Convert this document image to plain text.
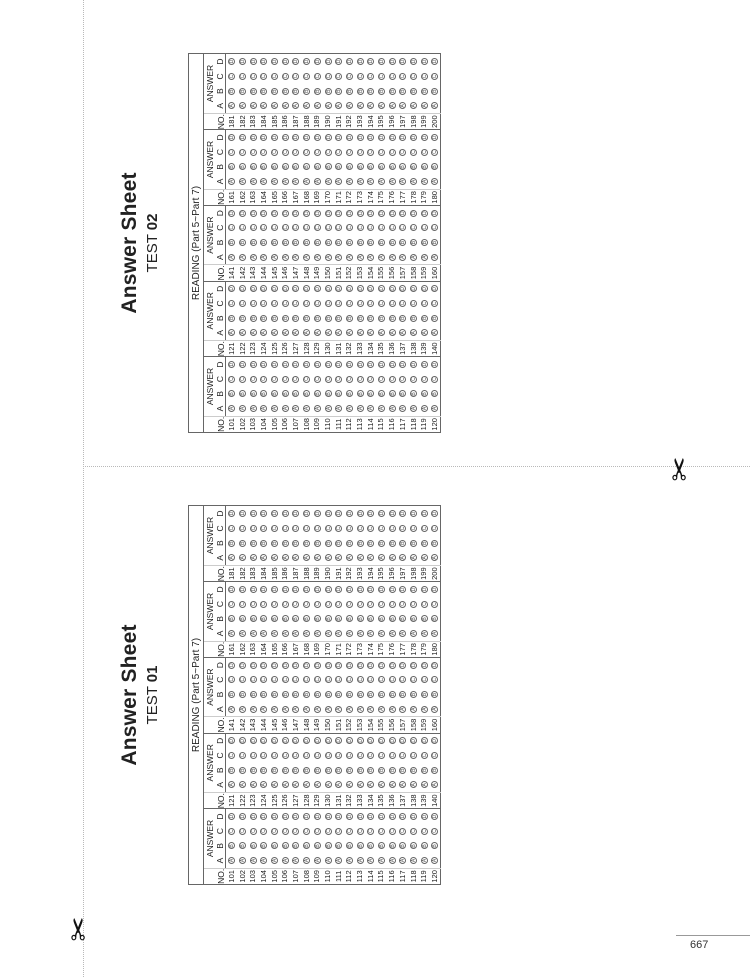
✂
✂
667
Answer Sheet TEST 01	READING (Part 5~Part 7)																								
NO.	ANSWER				NO.	ANSWER				NO.	ANSWER				NO.	ANSWER				NO.	ANSWER			
	A	B	C	D		A	B	C	D		A	B	C	D		A	B	C	D		A	B	C	D
101	A	B	C	D	121	A	B	C	D	141	A	B	C	D	161	A	B	C	D	181	A	B	C	D
102	A	B	C	D	122	A	B	C	D	142	A	B	C	D	162	A	B	C	D	182	A	B	C	D
103	A	B	C	D	123	A	B	C	D	143	A	B	C	D	163	A	B	C	D	183	A	B	C	D
104	A	B	C	D	124	A	B	C	D	144	A	B	C	D	164	A	B	C	D	184	A	B	C	D
105	A	B	C	D	125	A	B	C	D	145	A	B	C	D	165	A	B	C	D	185	A	B	C	D
106	A	B	C	D	126	A	B	C	D	146	A	B	C	D	166	A	B	C	D	186	A	B	C	D
107	A	B	C	D	127	A	B	C	D	147	A	B	C	D	167	A	B	C	D	187	A	B	C	D
108	A	B	C	D	128	A	B	C	D	148	A	B	C	D	168	A	B	C	D	188	A	B	C	D
109	A	B	C	D	129	A	B	C	D	149	A	B	C	D	169	A	B	C	D	189	A	B	C	D
110	A	B	C	D	130	A	B	C	D	150	A	B	C	D	170	A	B	C	D	190	A	B	C	D
111	A	B	C	D	131	A	B	C	D	151	A	B	C	D	171	A	B	C	D	191	A	B	C	D
112	A	B	C	D	132	A	B	C	D	152	A	B	C	D	172	A	B	C	D	192	A	B	C	D
113	A	B	C	D	133	A	B	C	D	153	A	B	C	D	173	A	B	C	D	193	A	B	C	D
114	A	B	C	D	134	A	B	C	D	154	A	B	C	D	174	A	B	C	D	194	A	B	C	D
115	A	B	C	D	135	A	B	C	D	155	A	B	C	D	175	A	B	C	D	195	A	B	C	D
116	A	B	C	D	136	A	B	C	D	156	A	B	C	D	176	A	B	C	D	196	A	B	C	D
117	A	B	C	D	137	A	B	C	D	157	A	B	C	D	177	A	B	C	D	197	A	B	C	D
118	A	B	C	D	138	A	B	C	D	158	A	B	C	D	178	A	B	C	D	198	A	B	C	D
119	A	B	C	D	139	A	B	C	D	159	A	B	C	D	179	A	B	C	D	199	A	B	C	D
120	A	B	C	D	140	A	B	C	D	160	A	B	C	D	180	A	B	C	D	200	A	B	C	D
Answer Sheet TEST 02	READING (Part 5~Part 7)																								
NO.	ANSWER				NO.	ANSWER				NO.	ANSWER				NO.	ANSWER				NO.	ANSWER			
	A	B	C	D		A	B	C	D		A	B	C	D		A	B	C	D		A	B	C	D
101	A	B	C	D	121	A	B	C	D	141	A	B	C	D	161	A	B	C	D	181	A	B	C	D
102	A	B	C	D	122	A	B	C	D	142	A	B	C	D	162	A	B	C	D	182	A	B	C	D
103	A	B	C	D	123	A	B	C	D	143	A	B	C	D	163	A	B	C	D	183	A	B	C	D
104	A	B	C	D	124	A	B	C	D	144	A	B	C	D	164	A	B	C	D	184	A	B	C	D
105	A	B	C	D	125	A	B	C	D	145	A	B	C	D	165	A	B	C	D	185	A	B	C	D
106	A	B	C	D	126	A	B	C	D	146	A	B	C	D	166	A	B	C	D	186	A	B	C	D
107	A	B	C	D	127	A	B	C	D	147	A	B	C	D	167	A	B	C	D	187	A	B	C	D
108	A	B	C	D	128	A	B	C	D	148	A	B	C	D	168	A	B	C	D	188	A	B	C	D
109	A	B	C	D	129	A	B	C	D	149	A	B	C	D	169	A	B	C	D	189	A	B	C	D
110	A	B	C	D	130	A	B	C	D	150	A	B	C	D	170	A	B	C	D	190	A	B	C	D
111	A	B	C	D	131	A	B	C	D	151	A	B	C	D	171	A	B	C	D	191	A	B	C	D
112	A	B	C	D	132	A	B	C	D	152	A	B	C	D	172	A	B	C	D	192	A	B	C	D
113	A	B	C	D	133	A	B	C	D	153	A	B	C	D	173	A	B	C	D	193	A	B	C	D
114	A	B	C	D	134	A	B	C	D	154	A	B	C	D	174	A	B	C	D	194	A	B	C	D
115	A	B	C	D	135	A	B	C	D	155	A	B	C	D	175	A	B	C	D	195	A	B	C	D
116	A	B	C	D	136	A	B	C	D	156	A	B	C	D	176	A	B	C	D	196	A	B	C	D
117	A	B	C	D	137	A	B	C	D	157	A	B	C	D	177	A	B	C	D	197	A	B	C	D
118	A	B	C	D	138	A	B	C	D	158	A	B	C	D	178	A	B	C	D	198	A	B	C	D
119	A	B	C	D	139	A	B	C	D	159	A	B	C	D	179	A	B	C	D	199	A	B	C	D
120	A	B	C	D	140	A	B	C	D	160	A	B	C	D	180	A	B	C	D	200	A	B	C	D
